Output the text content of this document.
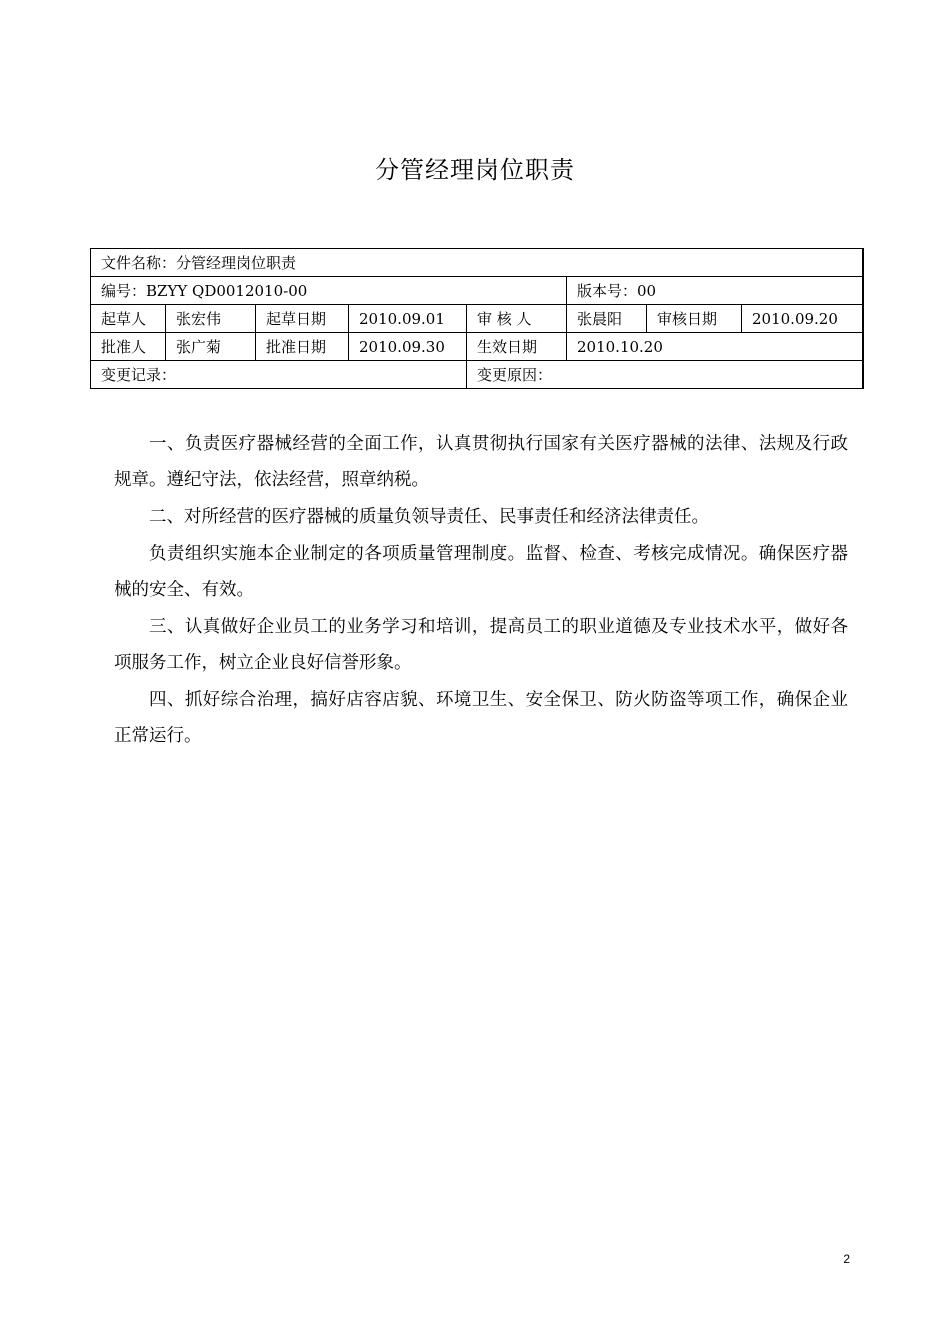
分管经理岗位职责
文件名称：分管经理岗位职责							
编号：BZYY QD0012010-00					版本号：00		
起草人	张宏伟	起草日期	2010.09.01	审 核 人	张晨阳	审核日期	2010.09.20
批准人	张广菊	批准日期	2010.09.30	生效日期	2010.10.20		
变更记录：				变更原因：			

一、负责医疗器械经营的全面工作，认真贯彻执行国家有关医疗器械的法律、法规及行政规章。遵纪守法，依法经营，照章纳税。

二、对所经营的医疗器械的质量负领导责任、民事责任和经济法律责任。

负责组织实施本企业制定的各项质量管理制度。监督、检查、考核完成情况。确保医疗器械的安全、有效。

三、认真做好企业员工的业务学习和培训，提高员工的职业道德及专业技术水平，做好各项服务工作，树立企业良好信誉形象。

四、抓好综合治理，搞好店容店貌、环境卫生、安全保卫、防火防盗等项工作，确保企业正常运行。

2
